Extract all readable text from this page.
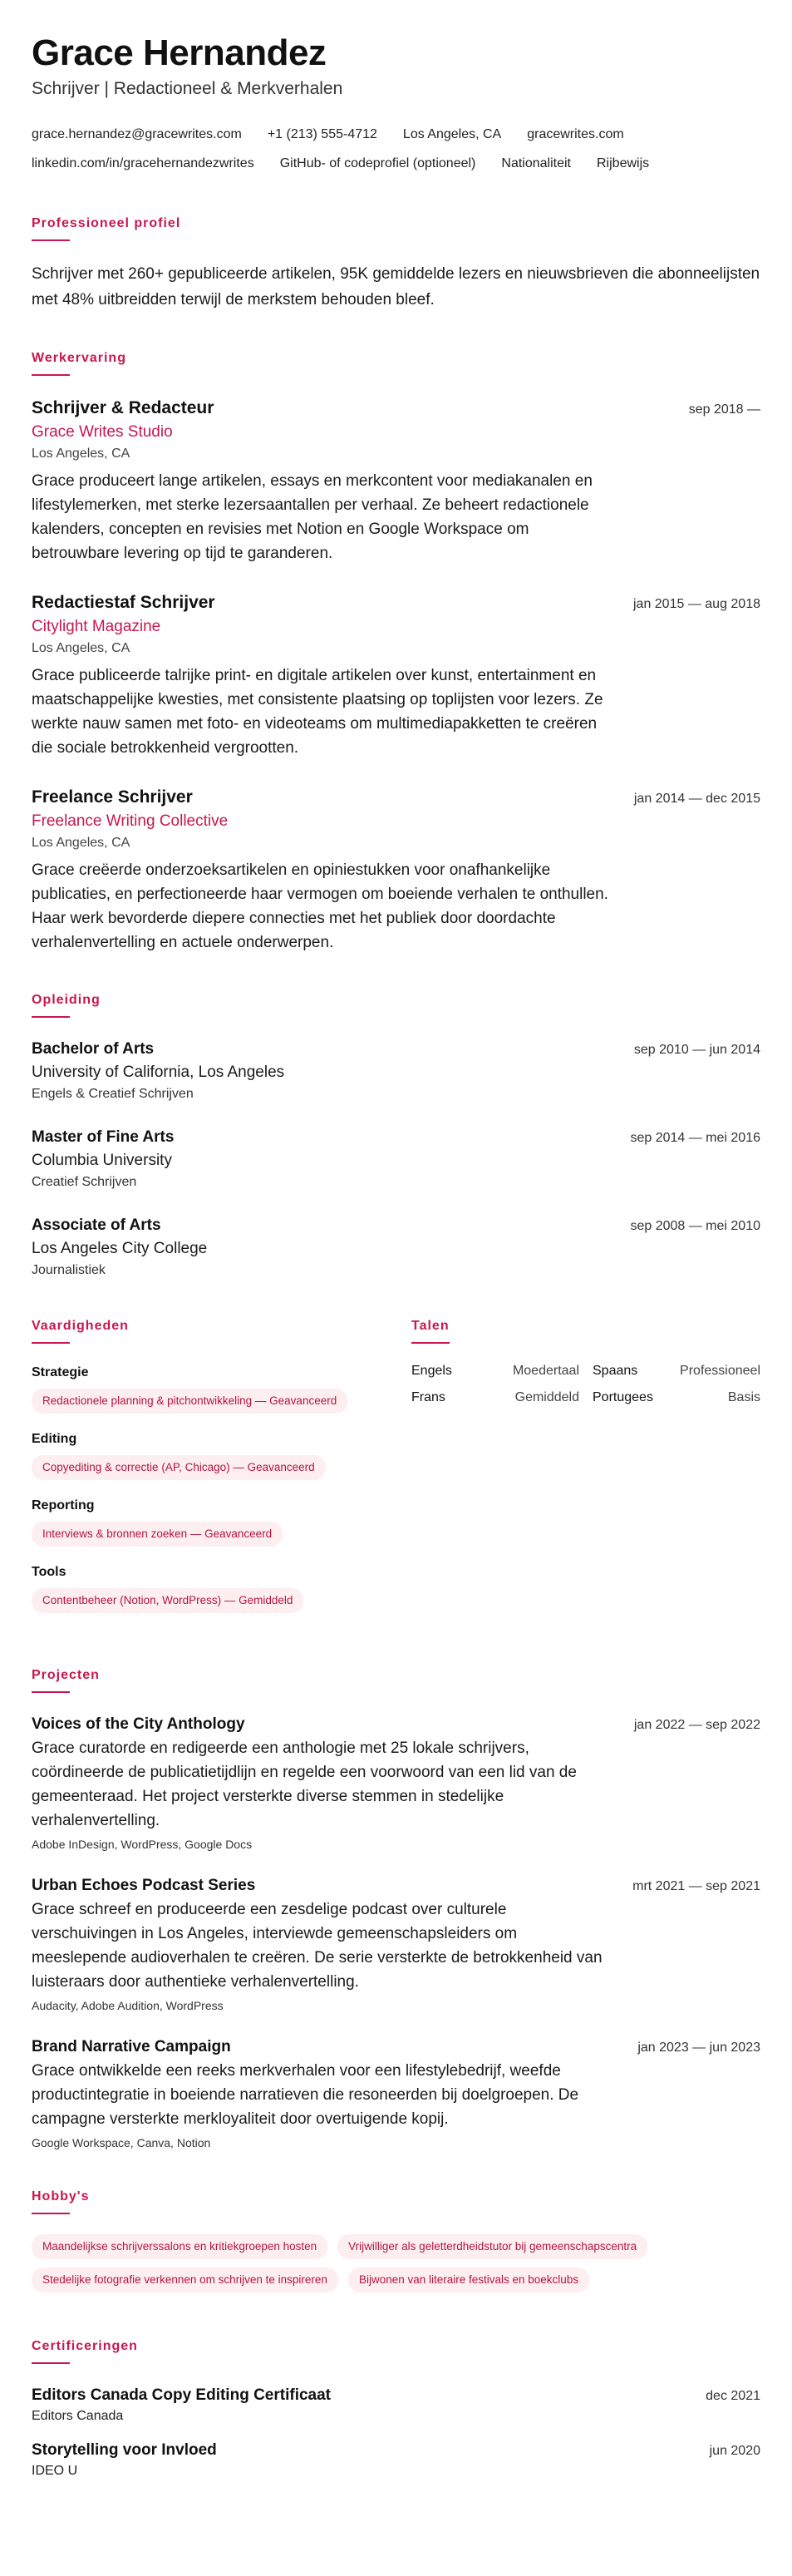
Grace Hernandez
Schrijver | Redactioneel & Merkverhalen
grace.hernandez@gracewrites.com +1 (213) 555-4712 Los Angeles, CA gracewrites.com
linkedin.com/in/gracehernandezwrites GitHub- of codeprofiel (optioneel) Nationaliteit Rijbewijs
Professioneel profiel

Schrijver met 260+ gepubliceerde artikelen, 95K gemiddelde lezers en nieuwsbrieven die abonneelijsten met 48% uitbreidden terwijl de merkstem behouden bleef.

Werkervaring
Schrijver & Redacteur	sep 2018 —
Grace Writes Studio
Los Angeles, CA

Grace produceert lange artikelen, essays en merkcontent voor mediakanalen en lifestylemerken, met sterke lezersaantallen per verhaal. Ze beheert redactionele kalenders, concepten en revisies met Notion en Google Workspace om betrouwbare levering op tijd te garanderen.

Redactiestaf Schrijver	jan 2015 — aug 2018
Citylight Magazine
Los Angeles, CA

Grace publiceerde talrijke print- en digitale artikelen over kunst, entertainment en maatschappelijke kwesties, met consistente plaatsing op toplijsten voor lezers. Ze werkte nauw samen met foto- en videoteams om multimediapakketten te creëren die sociale betrokkenheid vergrootten.

Freelance Schrijver	jan 2014 — dec 2015
Freelance Writing Collective
Los Angeles, CA

Grace creëerde onderzoeksartikelen en opiniestukken voor onafhankelijke publicaties, en perfectioneerde haar vermogen om boeiende verhalen te onthullen. Haar werk bevorderde diepere connecties met het publiek door doordachte verhalenvertelling en actuele onderwerpen.

Opleiding
Bachelor of Arts	sep 2010 — jun 2014
University of California, Los Angeles
Engels & Creatief Schrijven
Master of Fine Arts	sep 2014 — mei 2016
Columbia University
Creatief Schrijven
Associate of Arts	sep 2008 — mei 2010
Los Angeles City College
Journalistiek
Vaardigheden
Strategie
Redactionele planning & pitchontwikkeling — Geavanceerd
Editing
Copyediting & correctie (AP, Chicago) — Geavanceerd
Reporting
Interviews & bronnen zoeken — Geavanceerd
Tools
Contentbeheer (Notion, WordPress) — Gemiddeld
Talen
Engels	Moedertaal Spaans	Professioneel
Frans	Gemiddeld Portugees	Basis
Projecten
Voices of the City Anthology	jan 2022 — sep 2022

Grace curatorde en redigeerde een anthologie met 25 lokale schrijvers, coördineerde de publicatietijdlijn en regelde een voorwoord van een lid van de gemeenteraad. Het project versterkte diverse stemmen in stedelijke verhalenvertelling.

Adobe InDesign, WordPress, Google Docs
Urban Echoes Podcast Series	mrt 2021 — sep 2021

Grace schreef en produceerde een zesdelige podcast over culturele verschuivingen in Los Angeles, interviewde gemeenschapsleiders om meeslepende audioverhalen te creëren. De serie versterkte de betrokkenheid van luisteraars door authentieke verhalenvertelling.

Audacity, Adobe Audition, WordPress
Brand Narrative Campaign	jan 2023 — jun 2023

Grace ontwikkelde een reeks merkverhalen voor een lifestylebedrijf, weefde productintegratie in boeiende narratieven die resoneerden bij doelgroepen. De campagne versterkte merkloyaliteit door overtuigende kopij.

Google Workspace, Canva, Notion
Hobby's
Maandelijkse schrijverssalons en kritiekgroepen hosten	Vrijwilliger als geletterdheidstutor bij gemeenschapscentra
Stedelijke fotografie verkennen om schrijven te inspireren	Bijwonen van literaire festivals en boekclubs
Certificeringen
Editors Canada Copy Editing Certificaat	dec 2021
Editors Canada
Storytelling voor Invloed	jun 2020
IDEO U
